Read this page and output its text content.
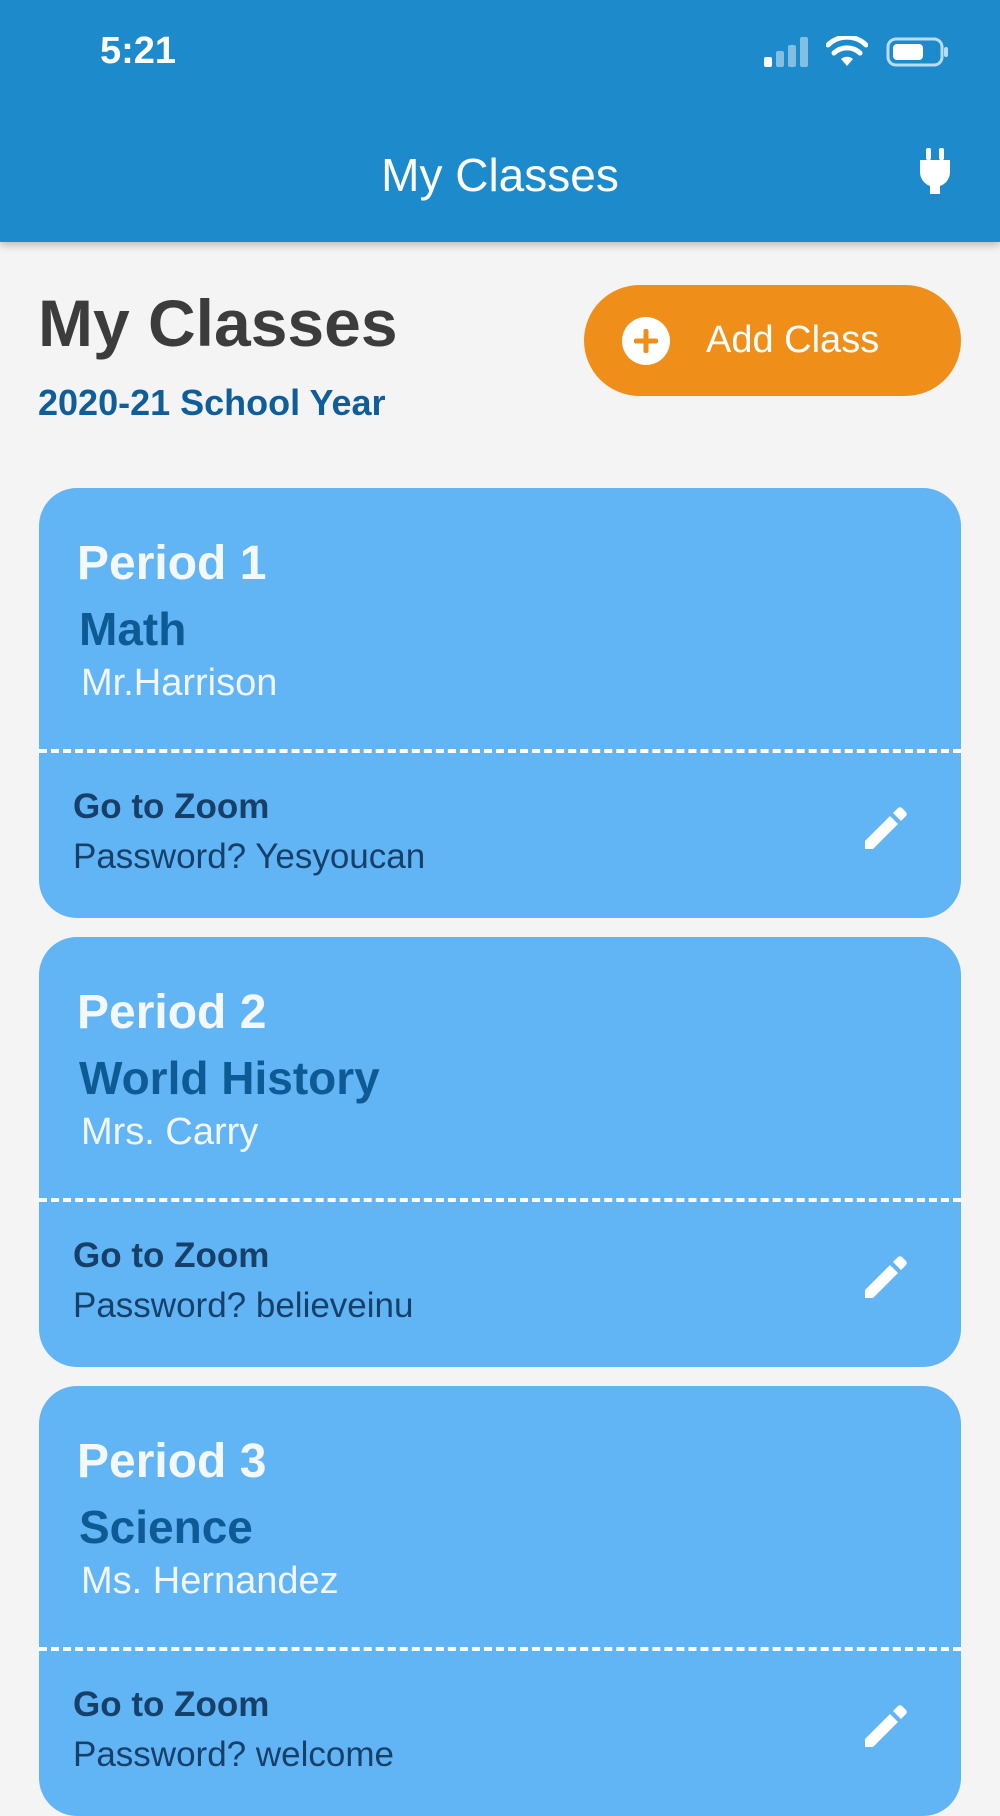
5:21
My Classes
My Classes
2020-21 School Year
Add Class
Period 1
Math
Mr.Harrison
Go to Zoom
Password? Yesyoucan
Period 2
World History
Mrs. Carry
Go to Zoom
Password? believeinu
Period 3
Science
Ms. Hernandez
Go to Zoom
Password? welcome
